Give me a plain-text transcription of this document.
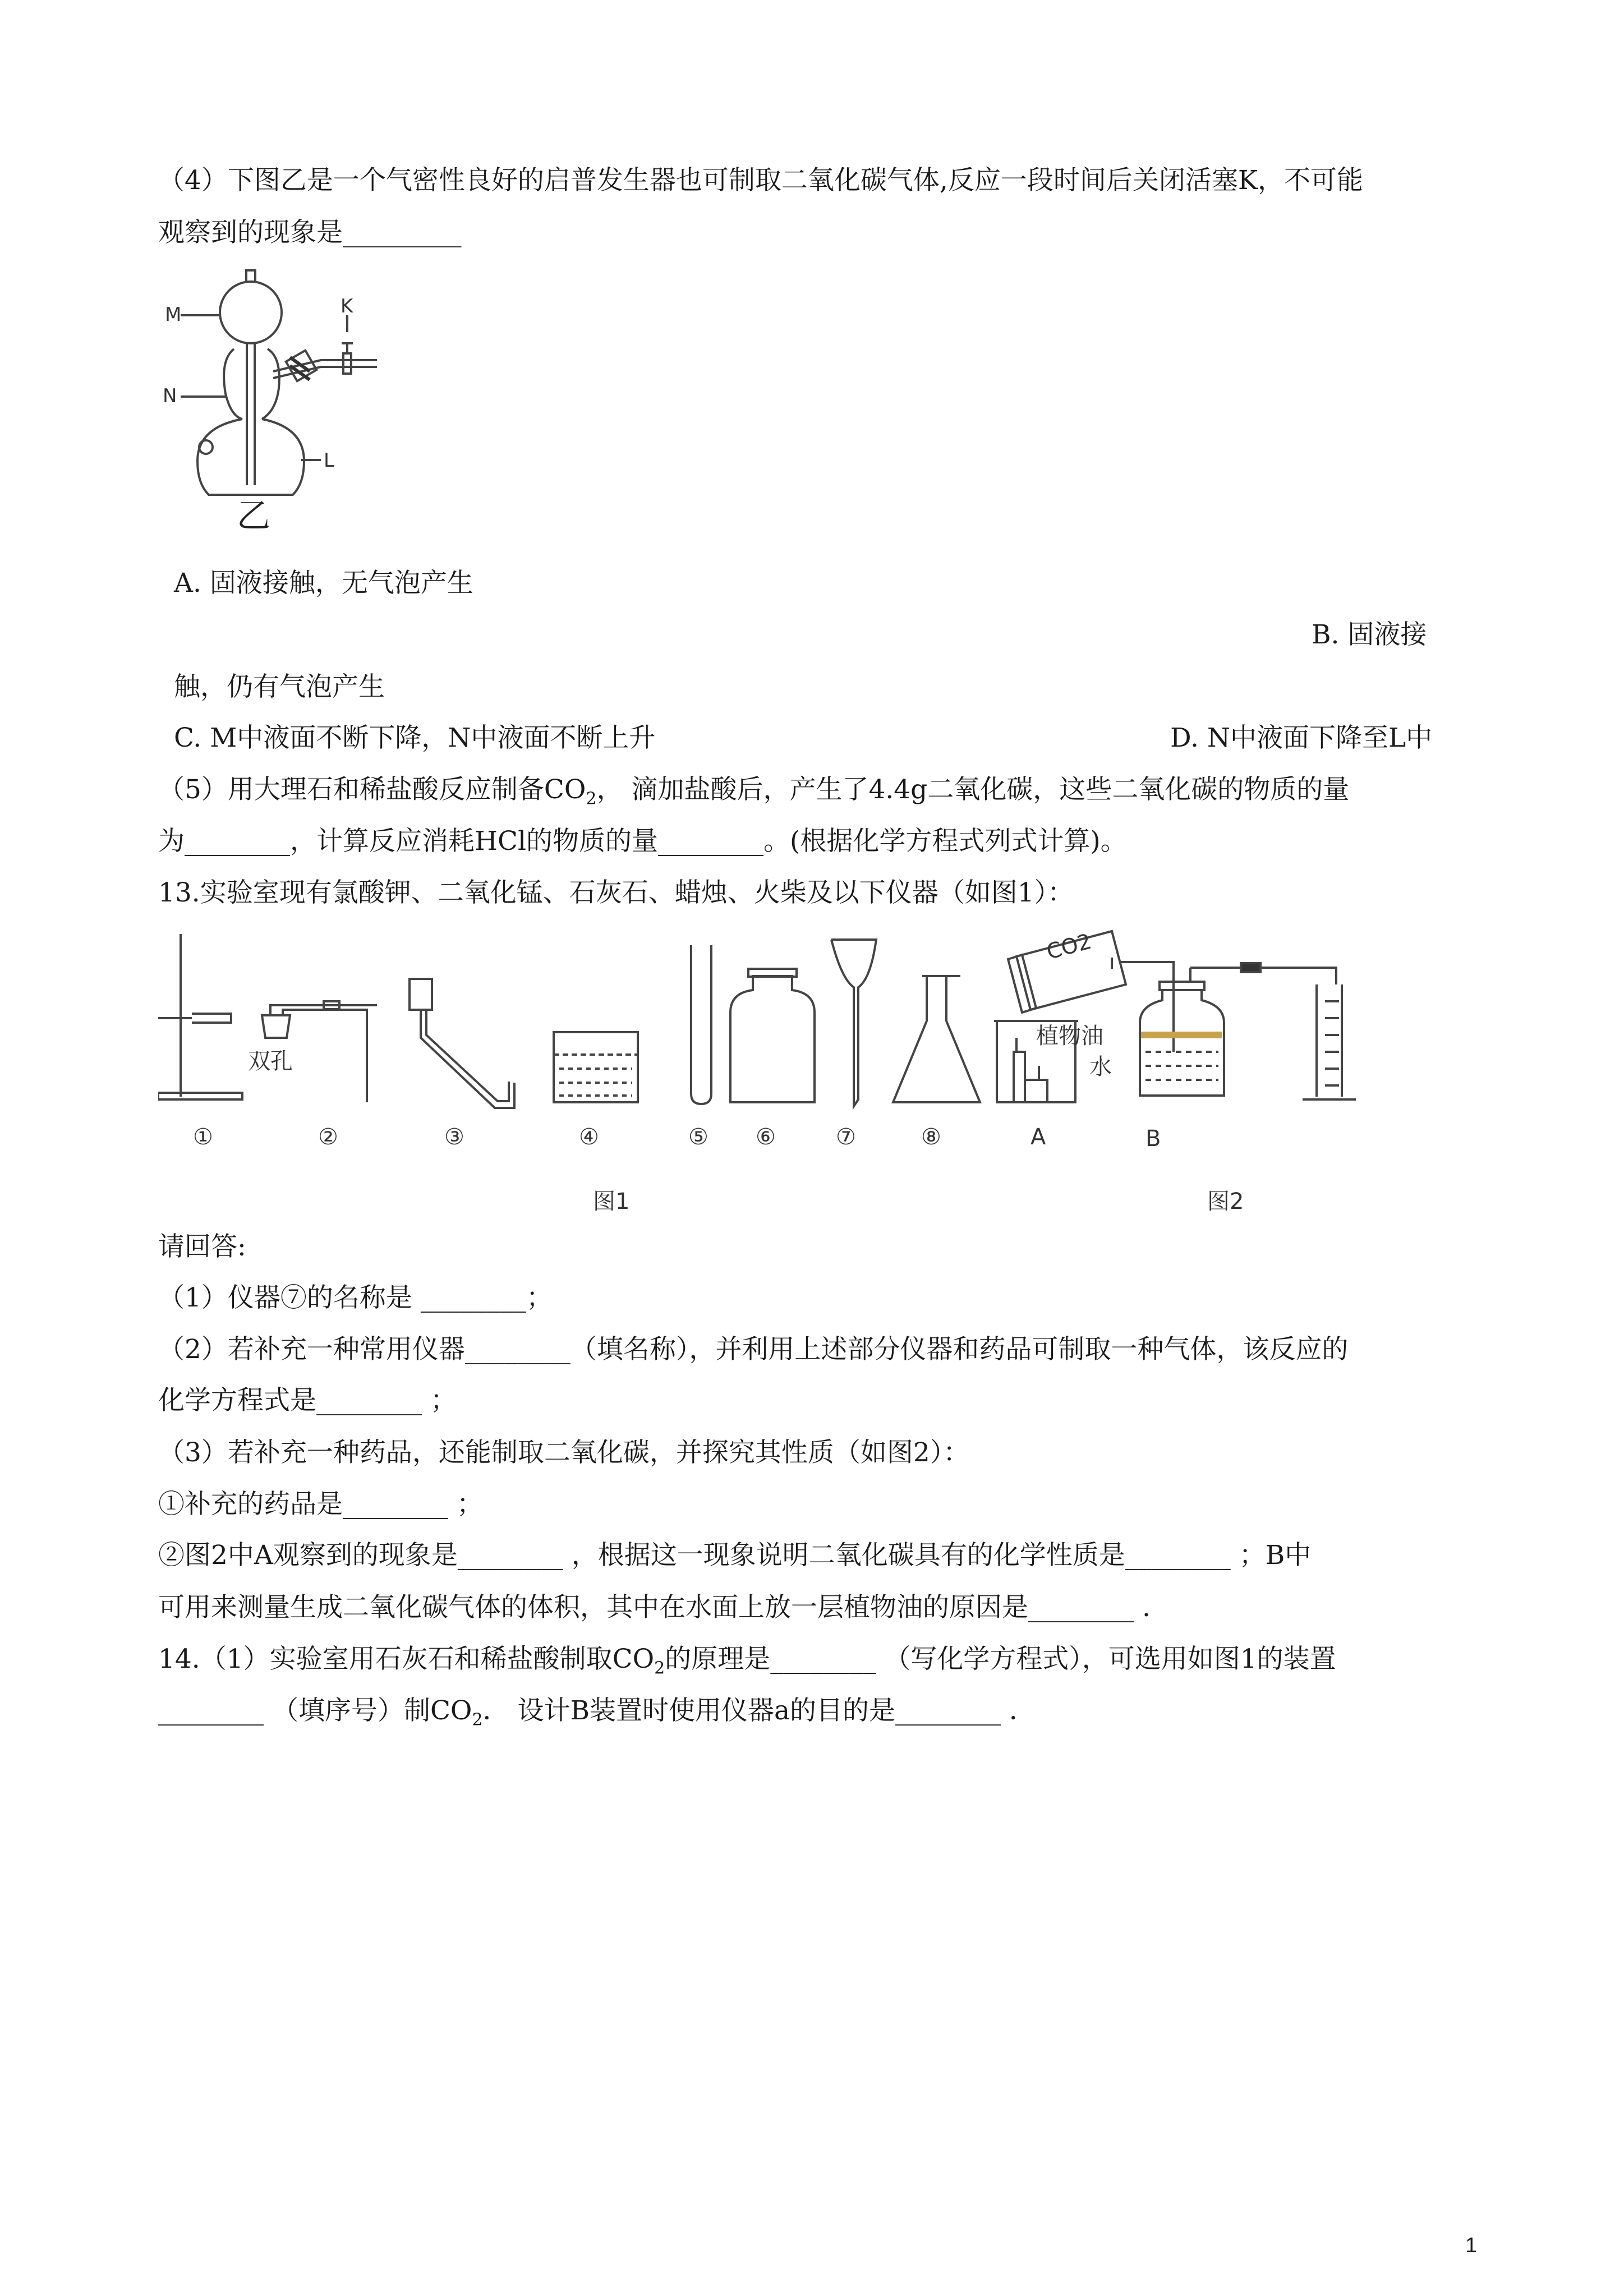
（4）下图乙是一个气密性良好的启普发生器也可制取二氧化碳气体,反应一段时间后关闭活塞K，不可能
观察到的现象是_________
M
N
K
L
乙
A. 固液接触，无气泡产生
B. 固液接
触，仍有气泡产生
C. M中液面不断下降，N中液面不断上升	D. N中液面下降至L中
（5）用大理石和稀盐酸反应制备$CO_2$， 滴加盐酸后，产生了4.4g二氧化碳，这些二氧化碳的物质的量
为________，计算反应消耗HCl的物质的量________。(根据化学方程式列式计算)。
13.实验室现有氯酸钾、二氧化锰、石灰石、蜡烛、火柴及以下仪器（如图1）：
双孔
①	②	③	④	⑤ ⑥	⑦	⑧
CO2
A	B
植物油
水
图1	图2
请回答:
（1）仪器⑦的名称是 ________；
（2）若补充一种常用仪器________（填名称），并利用上述部分仪器和药品可制取一种气体，该反应的
化学方程式是________ ；
（3）若补充一种药品，还能制取二氧化碳，并探究其性质（如图2）：
①补充的药品是________ ；
②图2中A观察到的现象是________ ，根据这一现象说明二氧化碳具有的化学性质是________ ；B中
可用来测量生成二氧化碳气体的体积，其中在水面上放一层植物油的原因是________ .
14.（1）实验室用石灰石和稀盐酸制取$CO_2$的原理是________ （写化学方程式），可选用如图1的装置
________ （填序号）制$CO_2$． 设计B装置时使用仪器a的目的是________ ．
1
